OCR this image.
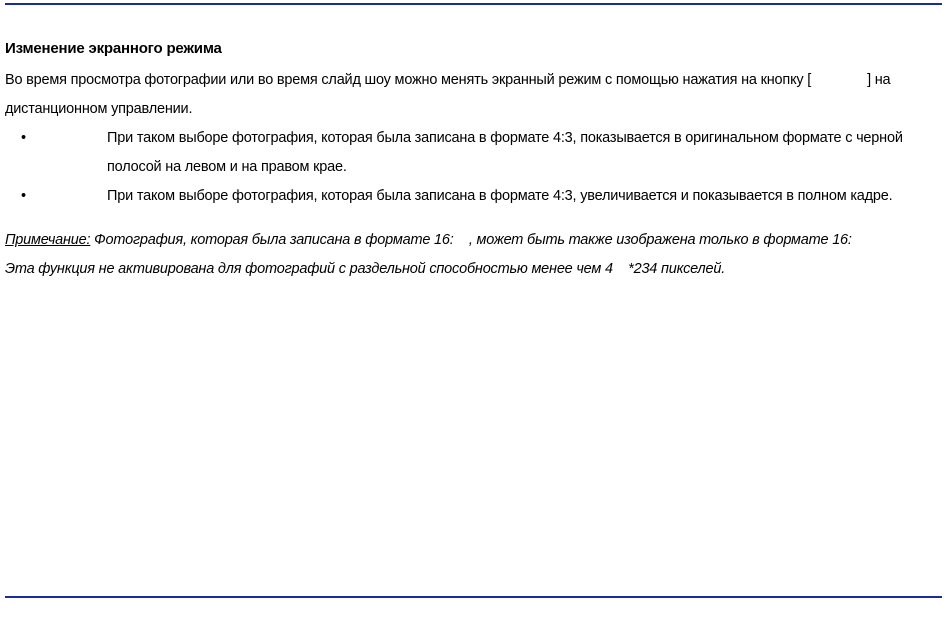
Изменение экранного режима

Во время просмотра фотографии или во время слайд шоу можно менять экранный режим с помощью нажатия на кнопку [	] на дистанционном управлении.

•	При таком выборе фотография, которая была записана в формате 4:3, показывается в оригинальном формате с черной полосой на левом и на правом крае.
•	При таком выборе фотография, которая была записана в формате 4:3, увеличивается и показывается в полном кадре.
Примечание: Фотография, которая была записана в формате 16:    , может быть также изображена только в формате 16:
Эта функция не активирована для фотографий с раздельной способностью менее чем 4    *234 пикселей.
